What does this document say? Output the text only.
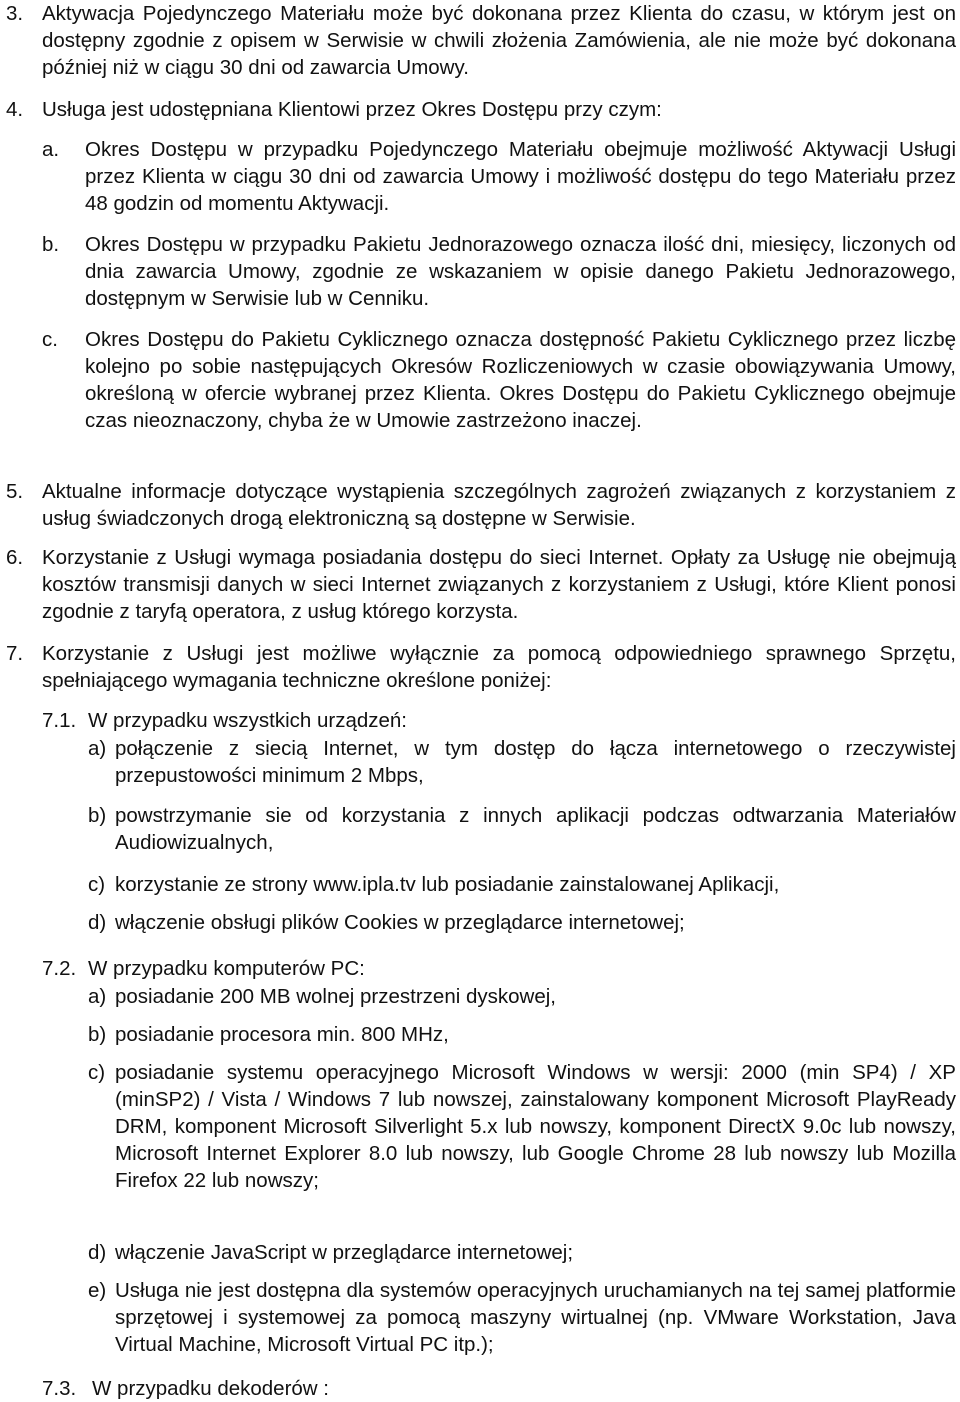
3. Aktywacja Pojedynczego Materiału może być dokonana przez Klienta do czasu, w którym jest on dostępny zgodnie z opisem w Serwisie w chwili złożenia Zamówienia, ale nie może być dokonana później niż w ciągu 30 dni od zawarcia Umowy.
4. Usługa jest udostępniana Klientowi przez Okres Dostępu przy czym:
a. Okres Dostępu w przypadku Pojedynczego Materiału obejmuje możliwość Aktywacji Usługi przez Klienta w ciągu 30 dni od zawarcia Umowy i możliwość dostępu do tego Materiału przez 48 godzin od momentu Aktywacji.
b. Okres Dostępu w przypadku Pakietu Jednorazowego oznacza ilość dni, miesięcy, liczonych od dnia zawarcia Umowy, zgodnie ze wskazaniem w opisie danego Pakietu Jednorazowego, dostępnym w Serwisie lub w Cenniku.
c. Okres Dostępu do Pakietu Cyklicznego oznacza dostępność Pakietu Cyklicznego przez liczbę kolejno po sobie następujących Okresów Rozliczeniowych w czasie obowiązywania Umowy, określoną w ofercie wybranej przez Klienta. Okres Dostępu do Pakietu Cyklicznego obejmuje czas nieoznaczony, chyba że w Umowie zastrzeżono inaczej.
5. Aktualne informacje dotyczące wystąpienia szczególnych zagrożeń związanych z korzystaniem z usług świadczonych drogą elektroniczną są dostępne w Serwisie.
6. Korzystanie z Usługi wymaga posiadania dostępu do sieci Internet. Opłaty za Usługę nie obejmują kosztów transmisji danych w sieci Internet związanych z korzystaniem z Usługi, które Klient ponosi zgodnie z taryfą operatora, z usług którego korzysta.
7. Korzystanie z Usługi jest możliwe wyłącznie za pomocą odpowiedniego sprawnego Sprzętu, spełniającego wymagania techniczne określone poniżej:
7.1. W przypadku wszystkich urządzeń:
a) połączenie z siecią Internet, w tym dostęp do łącza internetowego o rzeczywistej przepustowości minimum 2 Mbps,
b) powstrzymanie sie od korzystania z innych aplikacji podczas odtwarzania Materiałów Audiowizualnych,
c) korzystanie ze strony www.ipla.tv lub posiadanie zainstalowanej Aplikacji,
d) włączenie obsługi plików Cookies w przeglądarce internetowej;
7.2. W przypadku komputerów PC:
a) posiadanie 200 MB wolnej przestrzeni dyskowej,
b) posiadanie procesora min. 800 MHz,
c) posiadanie systemu operacyjnego Microsoft Windows w wersji: 2000 (min SP4) / XP (minSP2) / Vista / Windows 7 lub nowszej, zainstalowany komponent Microsoft PlayReady DRM, komponent Microsoft Silverlight 5.x lub nowszy, komponent DirectX 9.0c lub nowszy, Microsoft Internet Explorer 8.0 lub nowszy, lub Google Chrome 28 lub nowszy lub Mozilla Firefox 22 lub nowszy;
d) włączenie JavaScript w przeglądarce internetowej;
e) Usługa nie jest dostępna dla systemów operacyjnych uruchamianych na tej samej platformie sprzętowej i systemowej za pomocą maszyny wirtualnej (np. VMware Workstation, Java Virtual Machine, Microsoft Virtual PC itp.);
7.3. W przypadku dekoderów :
